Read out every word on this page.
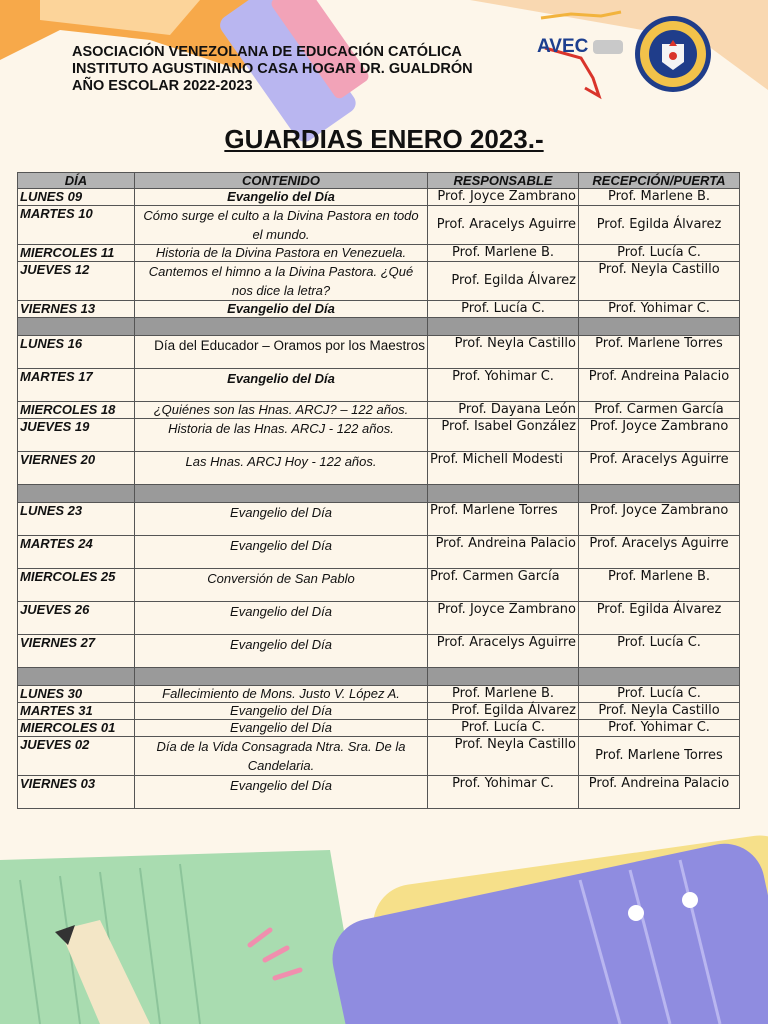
ASOCIACIÓN VENEZOLANA DE EDUCACIÓN CATÓLICA
INSTITUTO AGUSTINIANO CASA HOGAR DR. GUALDRÓN
AÑO ESCOLAR 2022-2023
AVEC
GUARDIAS ENERO 2023.-
DÍA	CONTENIDO	RESPONSABLE	RECEPCIÓN/PUERTA
LUNES 09	Evangelio del Día	Prof. Joyce Zambrano	Prof. Marlene B.
MARTES 10	Cómo surge el culto a la Divina Pastora en todo el mundo.	Prof. Aracelys Aguirre	Prof. Egilda Álvarez
MIERCOLES 11	Historia de la Divina Pastora en Venezuela.	Prof. Marlene B.	Prof. Lucía C.
JUEVES 12	Cantemos el himno a la Divina Pastora. ¿Qué nos dice la letra?	Prof. Egilda Álvarez	Prof. Neyla Castillo
VIERNES 13	Evangelio del Día	Prof. Lucía C.	Prof. Yohimar C.

LUNES 16	Día del Educador – Oramos por los Maestros	Prof. Neyla Castillo	Prof. Marlene Torres
MARTES 17	Evangelio del Día	Prof. Yohimar C.	Prof. Andreina Palacio
MIERCOLES 18	¿Quiénes son las Hnas. ARCJ? – 122 años.	Prof. Dayana León	Prof. Carmen García
JUEVES 19	Historia de las Hnas. ARCJ - 122 años.	Prof. Isabel González	Prof. Joyce Zambrano
VIERNES 20	Las Hnas. ARCJ Hoy - 122 años.	Prof. Michell Modesti	Prof. Aracelys Aguirre

LUNES 23	Evangelio del Día	Prof. Marlene Torres	Prof. Joyce Zambrano
MARTES 24	Evangelio del Día	Prof. Andreina Palacio	Prof. Aracelys Aguirre
MIERCOLES 25	Conversión de San Pablo	Prof. Carmen García	Prof. Marlene B.
JUEVES 26	Evangelio del Día	Prof. Joyce Zambrano	Prof. Egilda Álvarez
VIERNES 27	Evangelio del Día	Prof. Aracelys Aguirre	Prof. Lucía C.

LUNES 30	Fallecimiento de Mons. Justo V. López A.	Prof. Marlene B.	Prof. Lucía C.
MARTES 31	Evangelio del Día	Prof. Egilda Álvarez	Prof. Neyla Castillo
MIERCOLES 01	Evangelio del Día	Prof. Lucía C.	Prof. Yohimar C.
JUEVES 02	Día de la Vida Consagrada Ntra. Sra. De la Candelaria.	Prof. Neyla Castillo	Prof. Marlene Torres
VIERNES 03	Evangelio del Día	Prof. Yohimar C.	Prof. Andreina Palacio
